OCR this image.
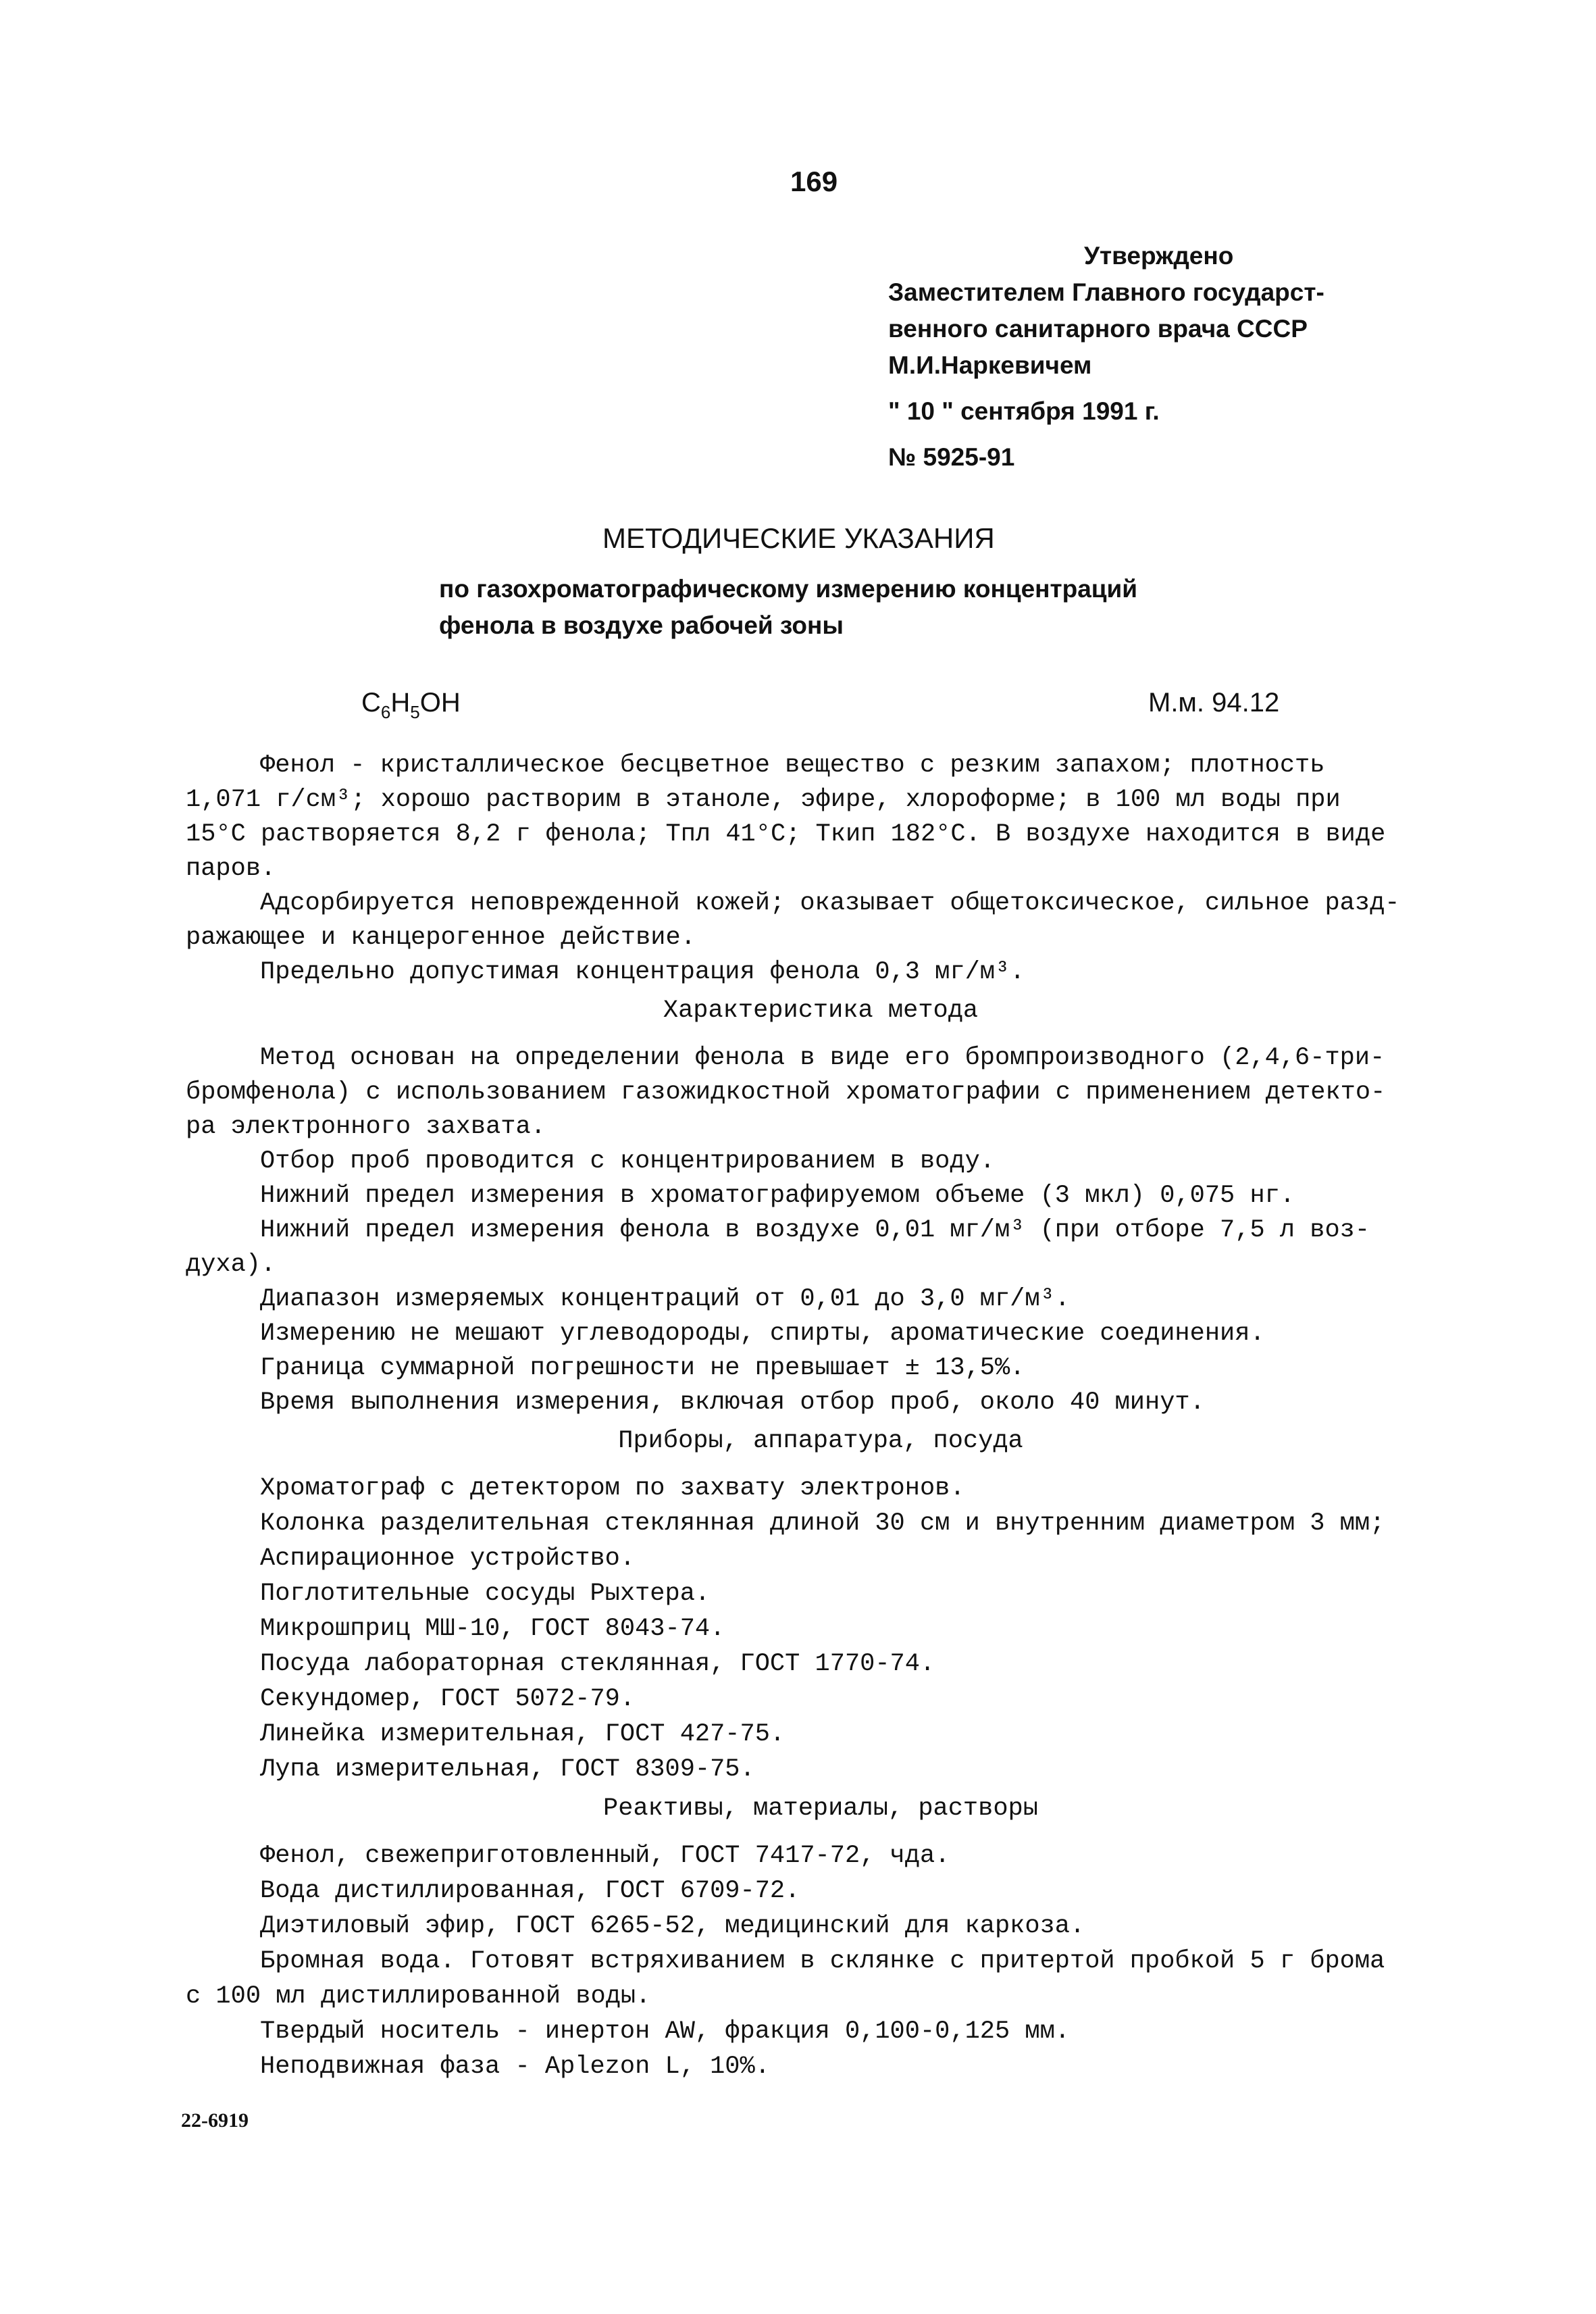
169
Утверждено
Заместителем Главного государст-
венного санитарного врача СССР
М.И.Наркевичем
" 10 " сентября 1991 г.
№ 5925-91
МЕТОДИЧЕСКИЕ УКАЗАНИЯ
по газохроматографическому измерению концентраций
фенола в воздухе рабочей зоны
$C_6H_5OH$	М.м. 94.12
Фенол - кристаллическое бесцветное вещество с резким запахом; плотность
1,071 г/см³; хорошо растворим в этаноле, эфире, хлороформе; в 100 мл воды при
15°С растворяется 8,2 г фенола; Тпл 41°С; Ткип 182°С. В воздухе находится в виде
паров.
Адсорбируется неповрежденной кожей; оказывает общетоксическое, сильное разд-
ражающее и канцерогенное действие.
Предельно допустимая концентрация фенола 0,3 мг/м³.
Характеристика метода
Метод основан на определении фенола в виде его бромпроизводного (2,4,6-три-
бромфенола) с использованием газожидкостной хроматографии с применением детекто-
ра электронного захвата.
Отбор проб проводится с концентрированием в воду.
Нижний предел измерения в хроматографируемом объеме (3 мкл) 0,075 нг.
Нижний предел измерения фенола в воздухе 0,01 мг/м³ (при отборе 7,5 л воз-
духа).
Диапазон измеряемых концентраций от 0,01 до 3,0 мг/м³.
Измерению не мешают углеводороды, спирты, ароматические соединения.
Граница суммарной погрешности не превышает ± 13,5%.
Время выполнения измерения, включая отбор проб, около 40 минут.
Приборы, аппаратура, посуда
Хроматограф с детектором по захвату электронов.
Колонка разделительная стеклянная длиной 30 см и внутренним диаметром 3 мм;
Аспирационное устройство.
Поглотительные сосуды Рыхтера.
Микрошприц МШ-10, ГОСТ 8043-74.
Посуда лабораторная стеклянная, ГОСТ 1770-74.
Секундомер, ГОСТ 5072-79.
Линейка измерительная, ГОСТ 427-75.
Лупа измерительная, ГОСТ 8309-75.
Реактивы, материалы, растворы
Фенол, свежеприготовленный, ГОСТ 7417-72, чда.
Вода дистиллированная, ГОСТ 6709-72.
Диэтиловый эфир, ГОСТ 6265-52, медицинский для каркоза.
Бромная вода. Готовят встряхиванием в склянке с притертой пробкой 5 г брома
с 100 мл дистиллированной воды.
Твердый носитель - инертон AW, фракция 0,100-0,125 мм.
Неподвижная фаза - Aplezon L, 10%.
22-6919
